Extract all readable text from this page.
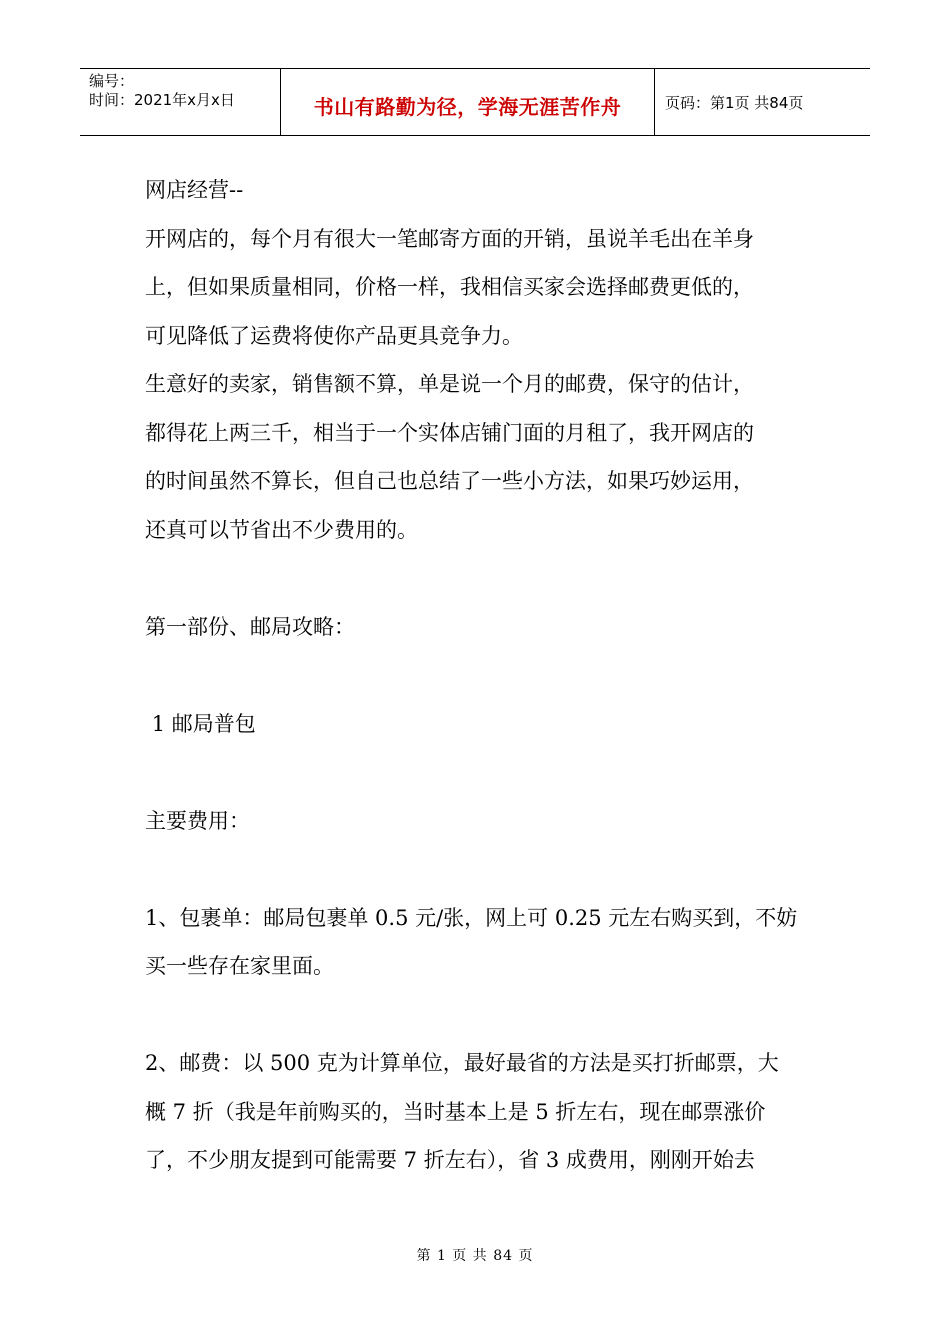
编号：
时间：2021年x月x日	书山有路勤为径，学海无涯苦作舟	页码：第1页 共84页

网店经营--

开网店的，每个月有很大一笔邮寄方面的开销，虽说羊毛出在羊身

上，但如果质量相同，价格一样，我相信买家会选择邮费更低的，

可见降低了运费将使你产品更具竞争力。

生意好的卖家，销售额不算，单是说一个月的邮费，保守的估计，

都得花上两三千，相当于一个实体店铺门面的月租了，我开网店的

的时间虽然不算长，但自己也总结了一些小方法，如果巧妙运用，

还真可以节省出不少费用的。

第一部份、邮局攻略：

1 邮局普包

主要费用：

1、包裹单：邮局包裹单 0.5 元/张，网上可 0.25 元左右购买到，不妨

买一些存在家里面。

2、邮费：以 500 克为计算单位，最好最省的方法是买打折邮票，大

概 7 折（我是年前购买的，当时基本上是 5 折左右，现在邮票涨价

了，不少朋友提到可能需要 7 折左右），省 3 成费用，刚刚开始去

第 1 页 共 84 页
